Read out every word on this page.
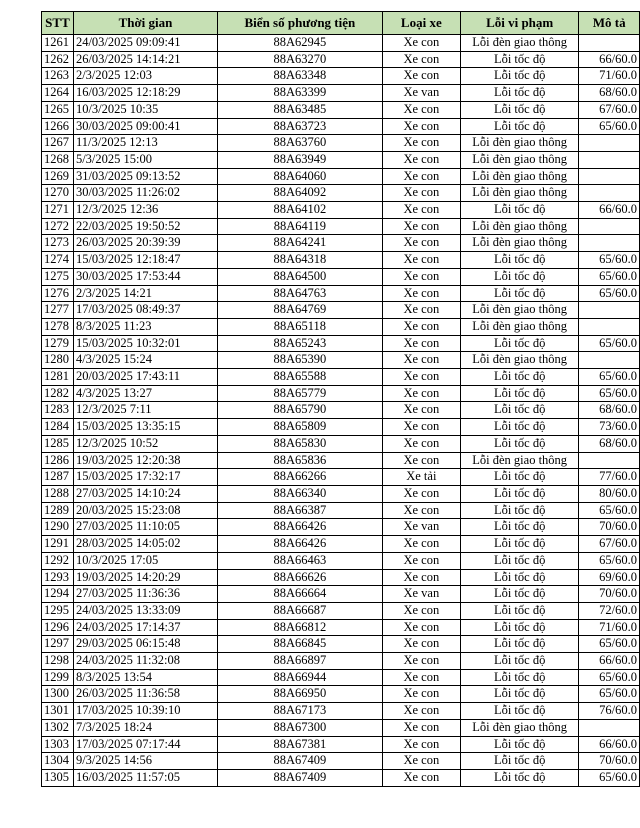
STT	Thời gian	Biển số phương tiện	Loại xe	Lỗi vi phạm	Mô tả
1261	24/03/2025 09:09:41	88A62945	Xe con	Lỗi đèn giao thông	
1262	26/03/2025 14:14:21	88A63270	Xe con	Lỗi tốc độ	66/60.0
1263	2/3/2025 12:03	88A63348	Xe con	Lỗi tốc độ	71/60.0
1264	16/03/2025 12:18:29	88A63399	Xe van	Lỗi tốc độ	68/60.0
1265	10/3/2025 10:35	88A63485	Xe con	Lỗi tốc độ	67/60.0
1266	30/03/2025 09:00:41	88A63723	Xe con	Lỗi tốc độ	65/60.0
1267	11/3/2025 12:13	88A63760	Xe con	Lỗi đèn giao thông	
1268	5/3/2025 15:00	88A63949	Xe con	Lỗi đèn giao thông	
1269	31/03/2025 09:13:52	88A64060	Xe con	Lỗi đèn giao thông	
1270	30/03/2025 11:26:02	88A64092	Xe con	Lỗi đèn giao thông	
1271	12/3/2025 12:36	88A64102	Xe con	Lỗi tốc độ	66/60.0
1272	22/03/2025 19:50:52	88A64119	Xe con	Lỗi đèn giao thông	
1273	26/03/2025 20:39:39	88A64241	Xe con	Lỗi đèn giao thông	
1274	15/03/2025 12:18:47	88A64318	Xe con	Lỗi tốc độ	65/60.0
1275	30/03/2025 17:53:44	88A64500	Xe con	Lỗi tốc độ	65/60.0
1276	2/3/2025 14:21	88A64763	Xe con	Lỗi tốc độ	65/60.0
1277	17/03/2025 08:49:37	88A64769	Xe con	Lỗi đèn giao thông	
1278	8/3/2025 11:23	88A65118	Xe con	Lỗi đèn giao thông	
1279	15/03/2025 10:32:01	88A65243	Xe con	Lỗi tốc độ	65/60.0
1280	4/3/2025 15:24	88A65390	Xe con	Lỗi đèn giao thông	
1281	20/03/2025 17:43:11	88A65588	Xe con	Lỗi tốc độ	65/60.0
1282	4/3/2025 13:27	88A65779	Xe con	Lỗi tốc độ	65/60.0
1283	12/3/2025 7:11	88A65790	Xe con	Lỗi tốc độ	68/60.0
1284	15/03/2025 13:35:15	88A65809	Xe con	Lỗi tốc độ	73/60.0
1285	12/3/2025 10:52	88A65830	Xe con	Lỗi tốc độ	68/60.0
1286	19/03/2025 12:20:38	88A65836	Xe con	Lỗi đèn giao thông	
1287	15/03/2025 17:32:17	88A66266	Xe tải	Lỗi tốc độ	77/60.0
1288	27/03/2025 14:10:24	88A66340	Xe con	Lỗi tốc độ	80/60.0
1289	20/03/2025 15:23:08	88A66387	Xe con	Lỗi tốc độ	65/60.0
1290	27/03/2025 11:10:05	88A66426	Xe van	Lỗi tốc độ	70/60.0
1291	28/03/2025 14:05:02	88A66426	Xe con	Lỗi tốc độ	67/60.0
1292	10/3/2025 17:05	88A66463	Xe con	Lỗi tốc độ	65/60.0
1293	19/03/2025 14:20:29	88A66626	Xe con	Lỗi tốc độ	69/60.0
1294	27/03/2025 11:36:36	88A66664	Xe van	Lỗi tốc độ	70/60.0
1295	24/03/2025 13:33:09	88A66687	Xe con	Lỗi tốc độ	72/60.0
1296	24/03/2025 17:14:37	88A66812	Xe con	Lỗi tốc độ	71/60.0
1297	29/03/2025 06:15:48	88A66845	Xe con	Lỗi tốc độ	65/60.0
1298	24/03/2025 11:32:08	88A66897	Xe con	Lỗi tốc độ	66/60.0
1299	8/3/2025 13:54	88A66944	Xe con	Lỗi tốc độ	65/60.0
1300	26/03/2025 11:36:58	88A66950	Xe con	Lỗi tốc độ	65/60.0
1301	17/03/2025 10:39:10	88A67173	Xe con	Lỗi tốc độ	76/60.0
1302	7/3/2025 18:24	88A67300	Xe con	Lỗi đèn giao thông	
1303	17/03/2025 07:17:44	88A67381	Xe con	Lỗi tốc độ	66/60.0
1304	9/3/2025 14:56	88A67409	Xe con	Lỗi tốc độ	70/60.0
1305	16/03/2025 11:57:05	88A67409	Xe con	Lỗi tốc độ	65/60.0
